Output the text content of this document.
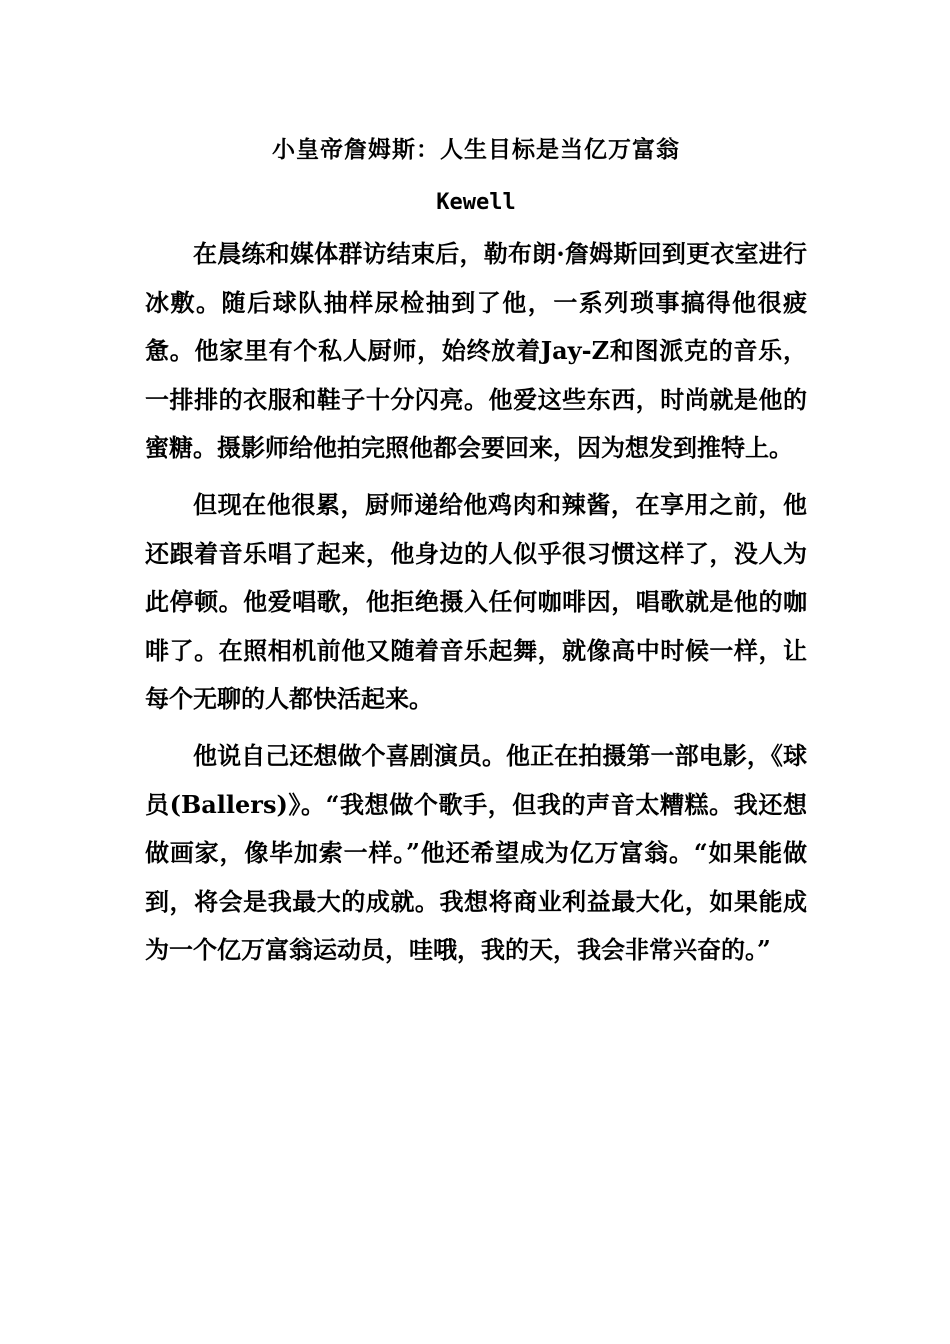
小皇帝詹姆斯：人生目标是当亿万富翁
Kewell

在晨练和媒体群访结束后，勒布朗·詹姆斯回到更衣室进行冰敷。随后球队抽样尿检抽到了他，一系列琐事搞得他很疲惫。他家里有个私人厨师，始终放着Jay-Z和图派克的音乐，一排排的衣服和鞋子十分闪亮。他爱这些东西，时尚就是他的蜜糖。摄影师给他拍完照他都会要回来，因为想发到推特上。

但现在他很累，厨师递给他鸡肉和辣酱，在享用之前，他还跟着音乐唱了起来，他身边的人似乎很习惯这样了，没人为此停顿。他爱唱歌，他拒绝摄入任何咖啡因，唱歌就是他的咖啡了。在照相机前他又随着音乐起舞，就像高中时候一样，让每个无聊的人都快活起来。

他说自己还想做个喜剧演员。他正在拍摄第一部电影，《球员(Ballers)》。“我想做个歌手，但我的声音太糟糕。我还想做画家，像毕加索一样。”他还希望成为亿万富翁。“如果能做到，将会是我最大的成就。我想将商业利益最大化，如果能成为一个亿万富翁运动员，哇哦，我的天，我会非常兴奋的。”
